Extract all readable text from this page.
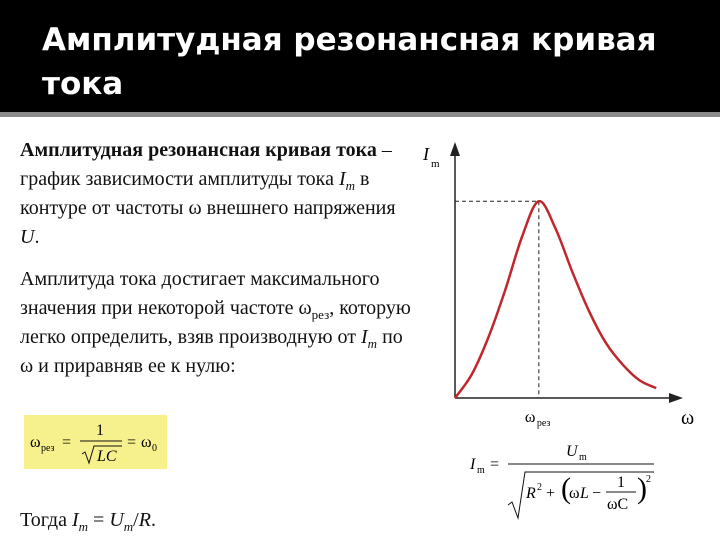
Амплитудная резонансная кривая тока
Амплитудная резонансная кривая тока – график зависимости амплитуды тока $I_m$ в контуре от частоты ω внешнего напряжения U.
Амплитуда тока достигает максимального значения при некоторой частоте $\omega_{рез}$, которую легко определить, взяв производную от $I_m$ по ω и приравняв ее к нулю:
ω рез =
1
LC
= ω 0
Тогда $I_m = U_m/R$.
I m
ω
ω рез
I m =
U m
R 2 + (
ω L −
1
ωC ) 2
